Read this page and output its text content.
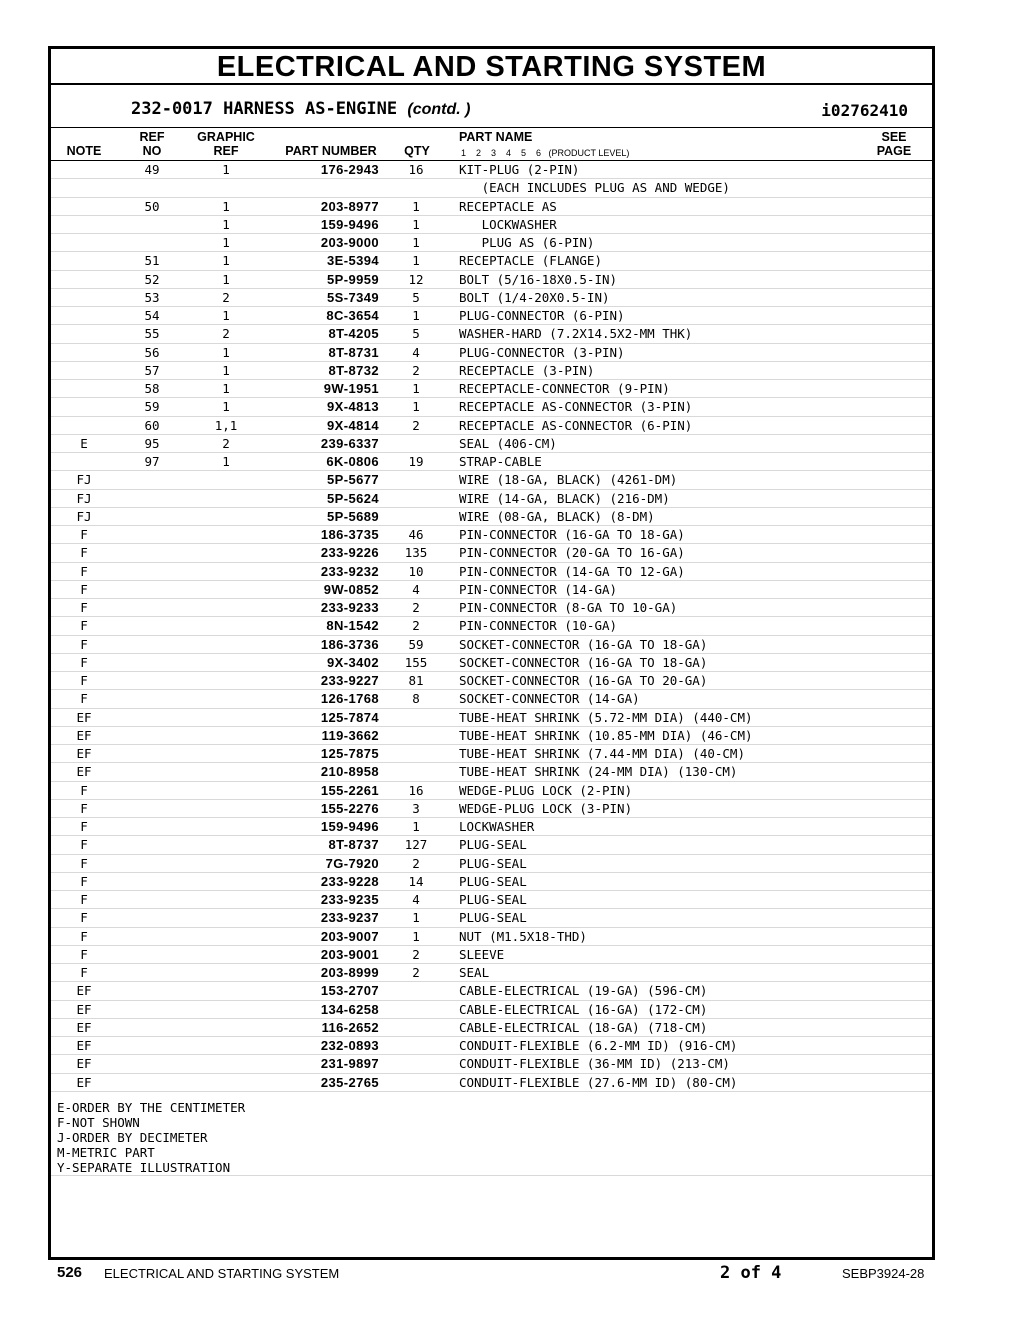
ELECTRICAL AND STARTING SYSTEM
232-0017 HARNESS AS-ENGINE (contd. )	i02762410
NOTE
REF
NO
GRAPHIC
REF	PART NUMBER	QTY
PART NAME
1    2    3    4    5    6   (PRODUCT LEVEL)
SEE
PAGE
49	1	176-2943	16	KIT-PLUG (2-PIN)
(EACH INCLUDES PLUG AS AND WEDGE)
50	1	203-8977	1	RECEPTACLE AS
1	159-9496	1	LOCKWASHER
1	203-9000	1	PLUG AS (6-PIN)
51	1	3E-5394	1	RECEPTACLE (FLANGE)
52	1	5P-9959	12	BOLT (5/16-18X0.5-IN)
53	2	5S-7349	5	BOLT (1/4-20X0.5-IN)
54	1	8C-3654	1	PLUG-CONNECTOR (6-PIN)
55	2	8T-4205	5	WASHER-HARD (7.2X14.5X2-MM THK)
56	1	8T-8731	4	PLUG-CONNECTOR (3-PIN)
57	1	8T-8732	2	RECEPTACLE (3-PIN)
58	1	9W-1951	1	RECEPTACLE-CONNECTOR (9-PIN)
59	1	9X-4813	1	RECEPTACLE AS-CONNECTOR (3-PIN)
60	1,1	9X-4814	2	RECEPTACLE AS-CONNECTOR (6-PIN)
E	95	2	239-6337	SEAL (406-CM)
97	1	6K-0806	19	STRAP-CABLE
FJ	5P-5677	WIRE (18-GA, BLACK) (4261-DM)
FJ	5P-5624	WIRE (14-GA, BLACK) (216-DM)
FJ	5P-5689	WIRE (08-GA, BLACK) (8-DM)
F	186-3735	46	PIN-CONNECTOR (16-GA TO 18-GA)
F	233-9226	135	PIN-CONNECTOR (20-GA TO 16-GA)
F	233-9232	10	PIN-CONNECTOR (14-GA TO 12-GA)
F	9W-0852	4	PIN-CONNECTOR (14-GA)
F	233-9233	2	PIN-CONNECTOR (8-GA TO 10-GA)
F	8N-1542	2	PIN-CONNECTOR (10-GA)
F	186-3736	59	SOCKET-CONNECTOR (16-GA TO 18-GA)
F	9X-3402	155	SOCKET-CONNECTOR (16-GA TO 18-GA)
F	233-9227	81	SOCKET-CONNECTOR (16-GA TO 20-GA)
F	126-1768	8	SOCKET-CONNECTOR (14-GA)
EF	125-7874	TUBE-HEAT SHRINK (5.72-MM DIA) (440-CM)
EF	119-3662	TUBE-HEAT SHRINK (10.85-MM DIA) (46-CM)
EF	125-7875	TUBE-HEAT SHRINK (7.44-MM DIA) (40-CM)
EF	210-8958	TUBE-HEAT SHRINK (24-MM DIA) (130-CM)
F	155-2261	16	WEDGE-PLUG LOCK (2-PIN)
F	155-2276	3	WEDGE-PLUG LOCK (3-PIN)
F	159-9496	1	LOCKWASHER
F	8T-8737	127	PLUG-SEAL
F	7G-7920	2	PLUG-SEAL
F	233-9228	14	PLUG-SEAL
F	233-9235	4	PLUG-SEAL
F	233-9237	1	PLUG-SEAL
F	203-9007	1	NUT (M1.5X18-THD)
F	203-9001	2	SLEEVE
F	203-8999	2	SEAL
EF	153-2707	CABLE-ELECTRICAL (19-GA) (596-CM)
EF	134-6258	CABLE-ELECTRICAL (16-GA) (172-CM)
EF	116-2652	CABLE-ELECTRICAL (18-GA) (718-CM)
EF	232-0893	CONDUIT-FLEXIBLE (6.2-MM ID) (916-CM)
EF	231-9897	CONDUIT-FLEXIBLE (36-MM ID) (213-CM)
EF	235-2765	CONDUIT-FLEXIBLE (27.6-MM ID) (80-CM)
E-ORDER BY THE CENTIMETER
F-NOT SHOWN
J-ORDER BY DECIMETER
M-METRIC PART
Y-SEPARATE ILLUSTRATION
526 ELECTRICAL AND STARTING SYSTEM	2 of 4	SEBP3924-28
